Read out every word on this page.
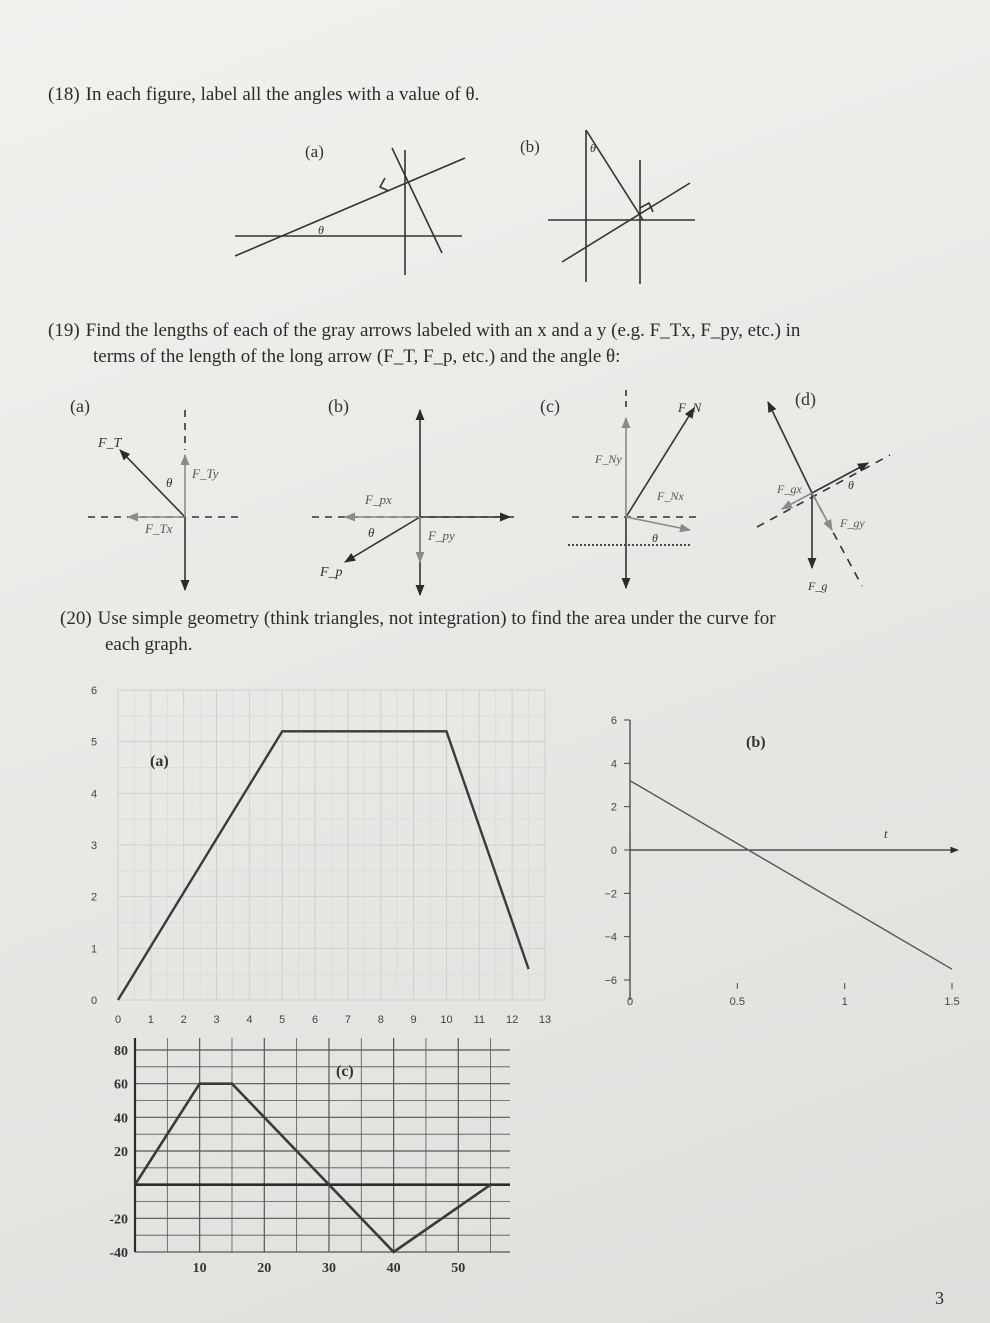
(18) In each figure, label all the angles with a value of θ.
(19) Find the lengths of each of the gray arrows labeled with an x and a y (e.g. F_Tx, F_py, etc.) in
terms of the length of the long arrow (F_T, F_p, etc.) and the angle θ:
(20) Use simple geometry (think triangles, not integration) to find the area under the curve for
each graph.
3
(a)
θ
(b)	θ
(a)
F_T
F_Ty
F_Tx
θ
(b)
F_p
F_px
F_py
θ
(c)	F_N
F_Ny
F_Nx
θ
(d)
F_g
F_gx
F_gy
θ
0 1 2 3 4 5 6 7 8 9 10 11 12 13
0
1
2
3
4
5
6
(a)
6
4
2
0
−2
−4
−6
0	0.5	1	1.5
(b)
t
80
60
40
20
-20
-40
10	20	30	40	50
(c)
